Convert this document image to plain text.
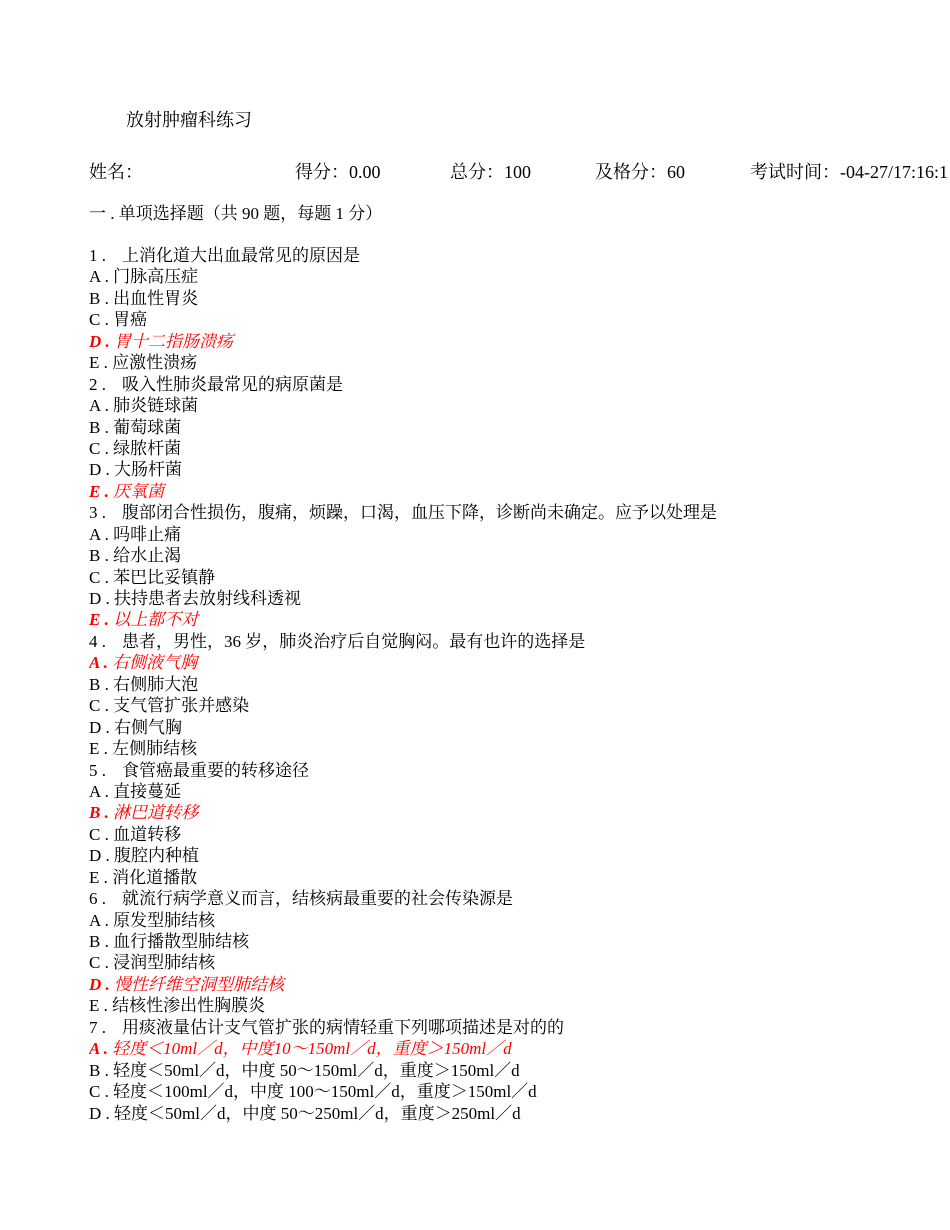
放射肿瘤科练习
姓名：	得分：0.00	总分：100	及格分：60	考试时间：-04-27/17:16:1
一 . 单项选择题（共 90 题，每题 1 分）
1 . 上消化道大出血最常见的原因是
A . 门脉高压症
B . 出血性胃炎
C . 胃癌
D . 胃十二指肠溃疡
E . 应激性溃疡
2 . 吸入性肺炎最常见的病原菌是
A . 肺炎链球菌
B . 葡萄球菌
C . 绿脓杆菌
D . 大肠杆菌
E . 厌氧菌
3 . 腹部闭合性损伤，腹痛，烦躁，口渴，血压下降，诊断尚未确定。应予以处理是
A . 吗啡止痛
B . 给水止渴
C . 苯巴比妥镇静
D . 扶持患者去放射线科透视
E . 以上都不对
4 . 患者，男性，36 岁，肺炎治疗后自觉胸闷。最有也许的选择是
A . 右侧液气胸
B . 右侧肺大泡
C . 支气管扩张并感染
D . 右侧气胸
E . 左侧肺结核
5 . 食管癌最重要的转移途径
A . 直接蔓延
B . 淋巴道转移
C . 血道转移
D . 腹腔内种植
E . 消化道播散
6 . 就流行病学意义而言，结核病最重要的社会传染源是
A . 原发型肺结核
B . 血行播散型肺结核
C . 浸润型肺结核
D . 慢性纤维空洞型肺结核
E . 结核性渗出性胸膜炎
7 . 用痰液量估计支气管扩张的病情轻重下列哪项描述是对的的
A . 轻度＜10ml／d，中度10～150ml／d，重度＞150ml／d
B . 轻度＜50ml／d，中度 50～150ml／d，重度＞150ml／d
C . 轻度＜100ml／d，中度 100～150ml／d，重度＞150ml／d
D . 轻度＜50ml／d，中度 50～250ml／d，重度＞250ml／d
